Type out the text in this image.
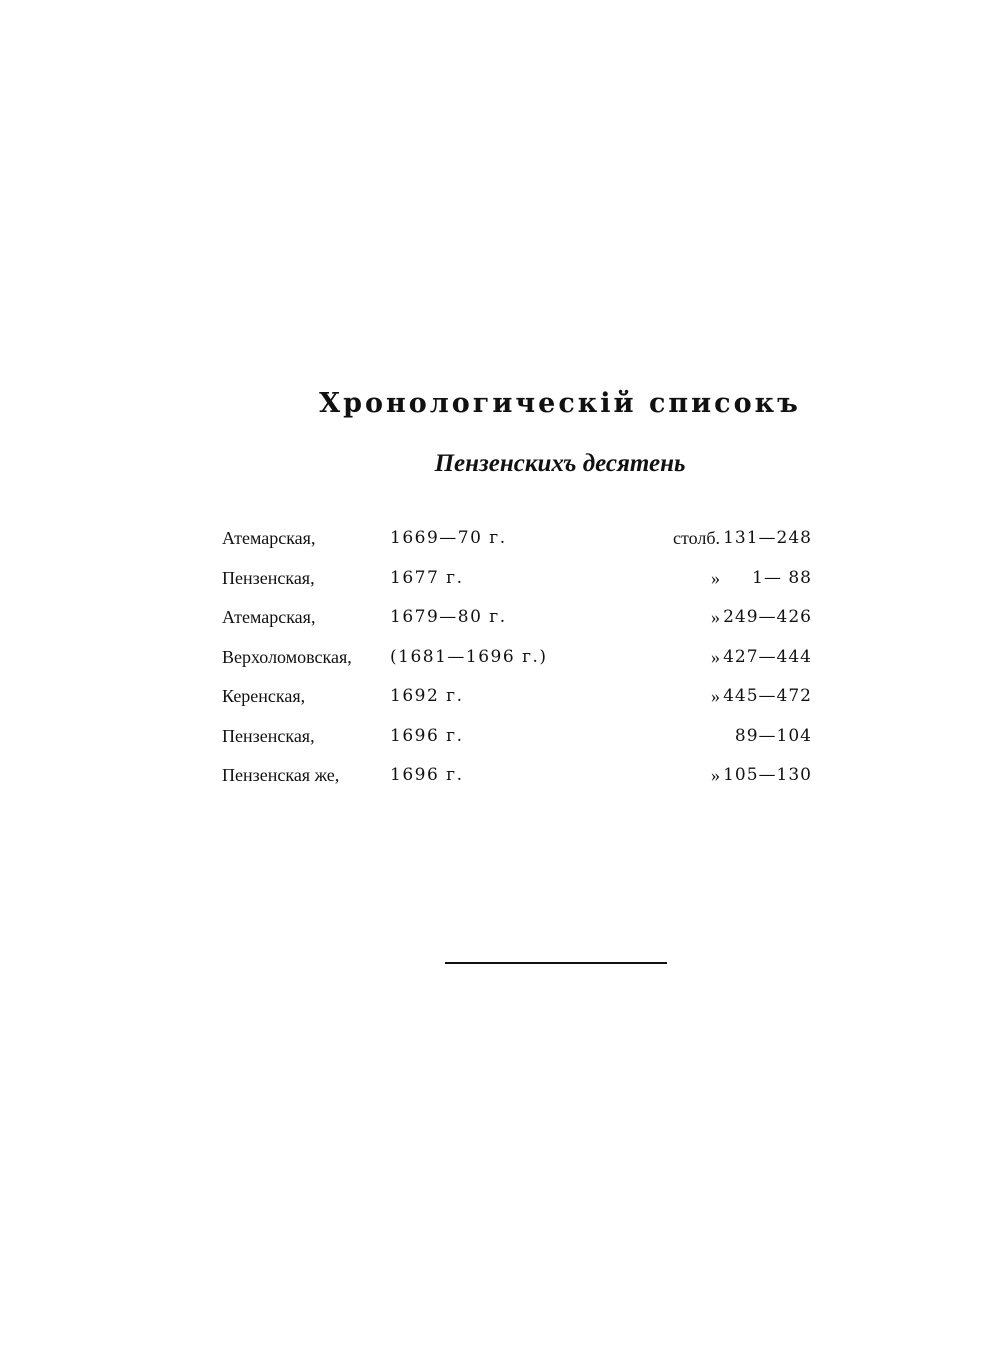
Хронологическій списокъ
Пензенскихъ десятень
Атемарская,	1669—70 г.	столб. 131—248
Пензенская,	1677 г.	»	1— 88
Атемарская,	1679—80 г.	» 249—426
Верхоломовская, (1681—1696 г.)	» 427—444
Керенская,	1692 г.	» 445—472
Пензенская,	1696 г.	89—104
Пензенская же,	1696 г.	» 105—130
